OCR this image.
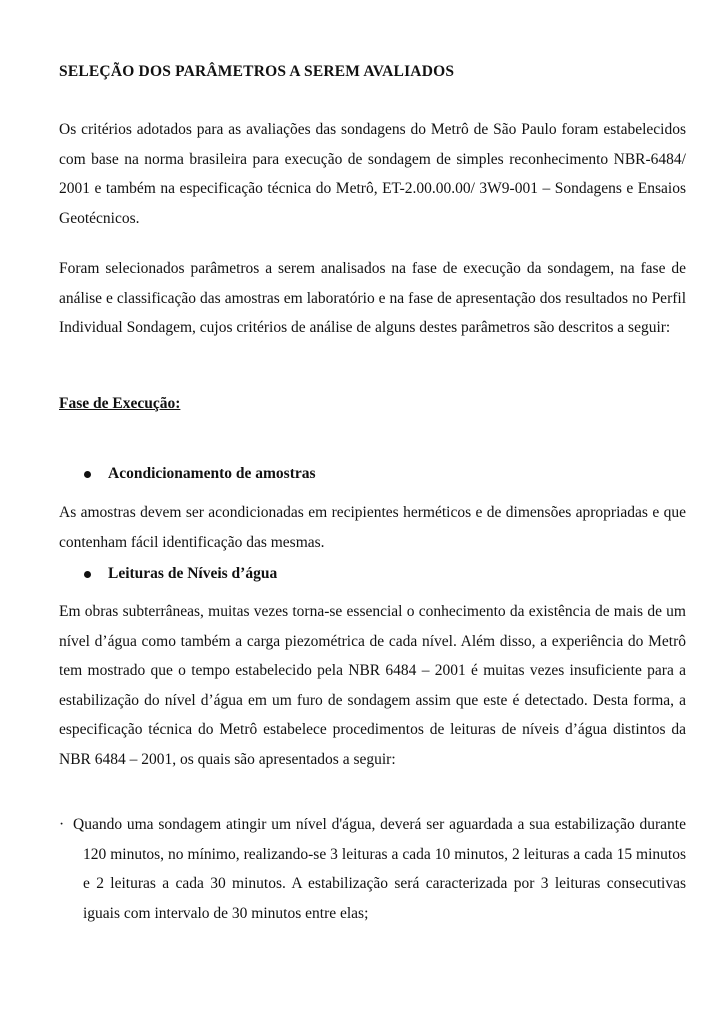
SELEÇÃO DOS PARÂMETROS A SEREM AVALIADOS

Os critérios adotados para as avaliações das sondagens do Metrô de São Paulo foram estabelecidos com base na norma brasileira para execução de sondagem de simples reconhecimento NBR-6484/ 2001 e também na especificação técnica do Metrô, ET-2.00.00.00/ 3W9-001 – Sondagens e Ensaios Geotécnicos.

Foram selecionados parâmetros a serem analisados na fase de execução da sondagem, na fase de análise e classificação das amostras em laboratório e na fase de apresentação dos resultados no Perfil Individual Sondagem, cujos critérios de análise de alguns destes parâmetros são descritos a seguir:

Fase de Execução:
Acondicionamento de amostras

As amostras devem ser acondicionadas em recipientes herméticos e de dimensões apropriadas e que contenham fácil identificação das mesmas.

Leituras de Níveis d’água

Em obras subterrâneas, muitas vezes torna-se essencial o conhecimento da existência de mais de um nível d’água como também a carga piezométrica de cada nível. Além disso, a experiência do Metrô tem mostrado que o tempo estabelecido pela NBR 6484 – 2001 é muitas vezes insuficiente para a estabilização do nível d’água em um furo de sondagem assim que este é detectado. Desta forma, a especificação técnica do Metrô estabelece procedimentos de leituras de níveis d’água distintos da NBR 6484 – 2001, os quais são apresentados a seguir:

· Quando uma sondagem atingir um nível d'água, deverá ser aguardada a sua estabilização durante 120 minutos, no mínimo, realizando-se 3 leituras a cada 10 minutos, 2 leituras a cada 15 minutos e 2 leituras a cada 30 minutos. A estabilização será caracterizada por 3 leituras consecutivas iguais com intervalo de 30 minutos entre elas;
